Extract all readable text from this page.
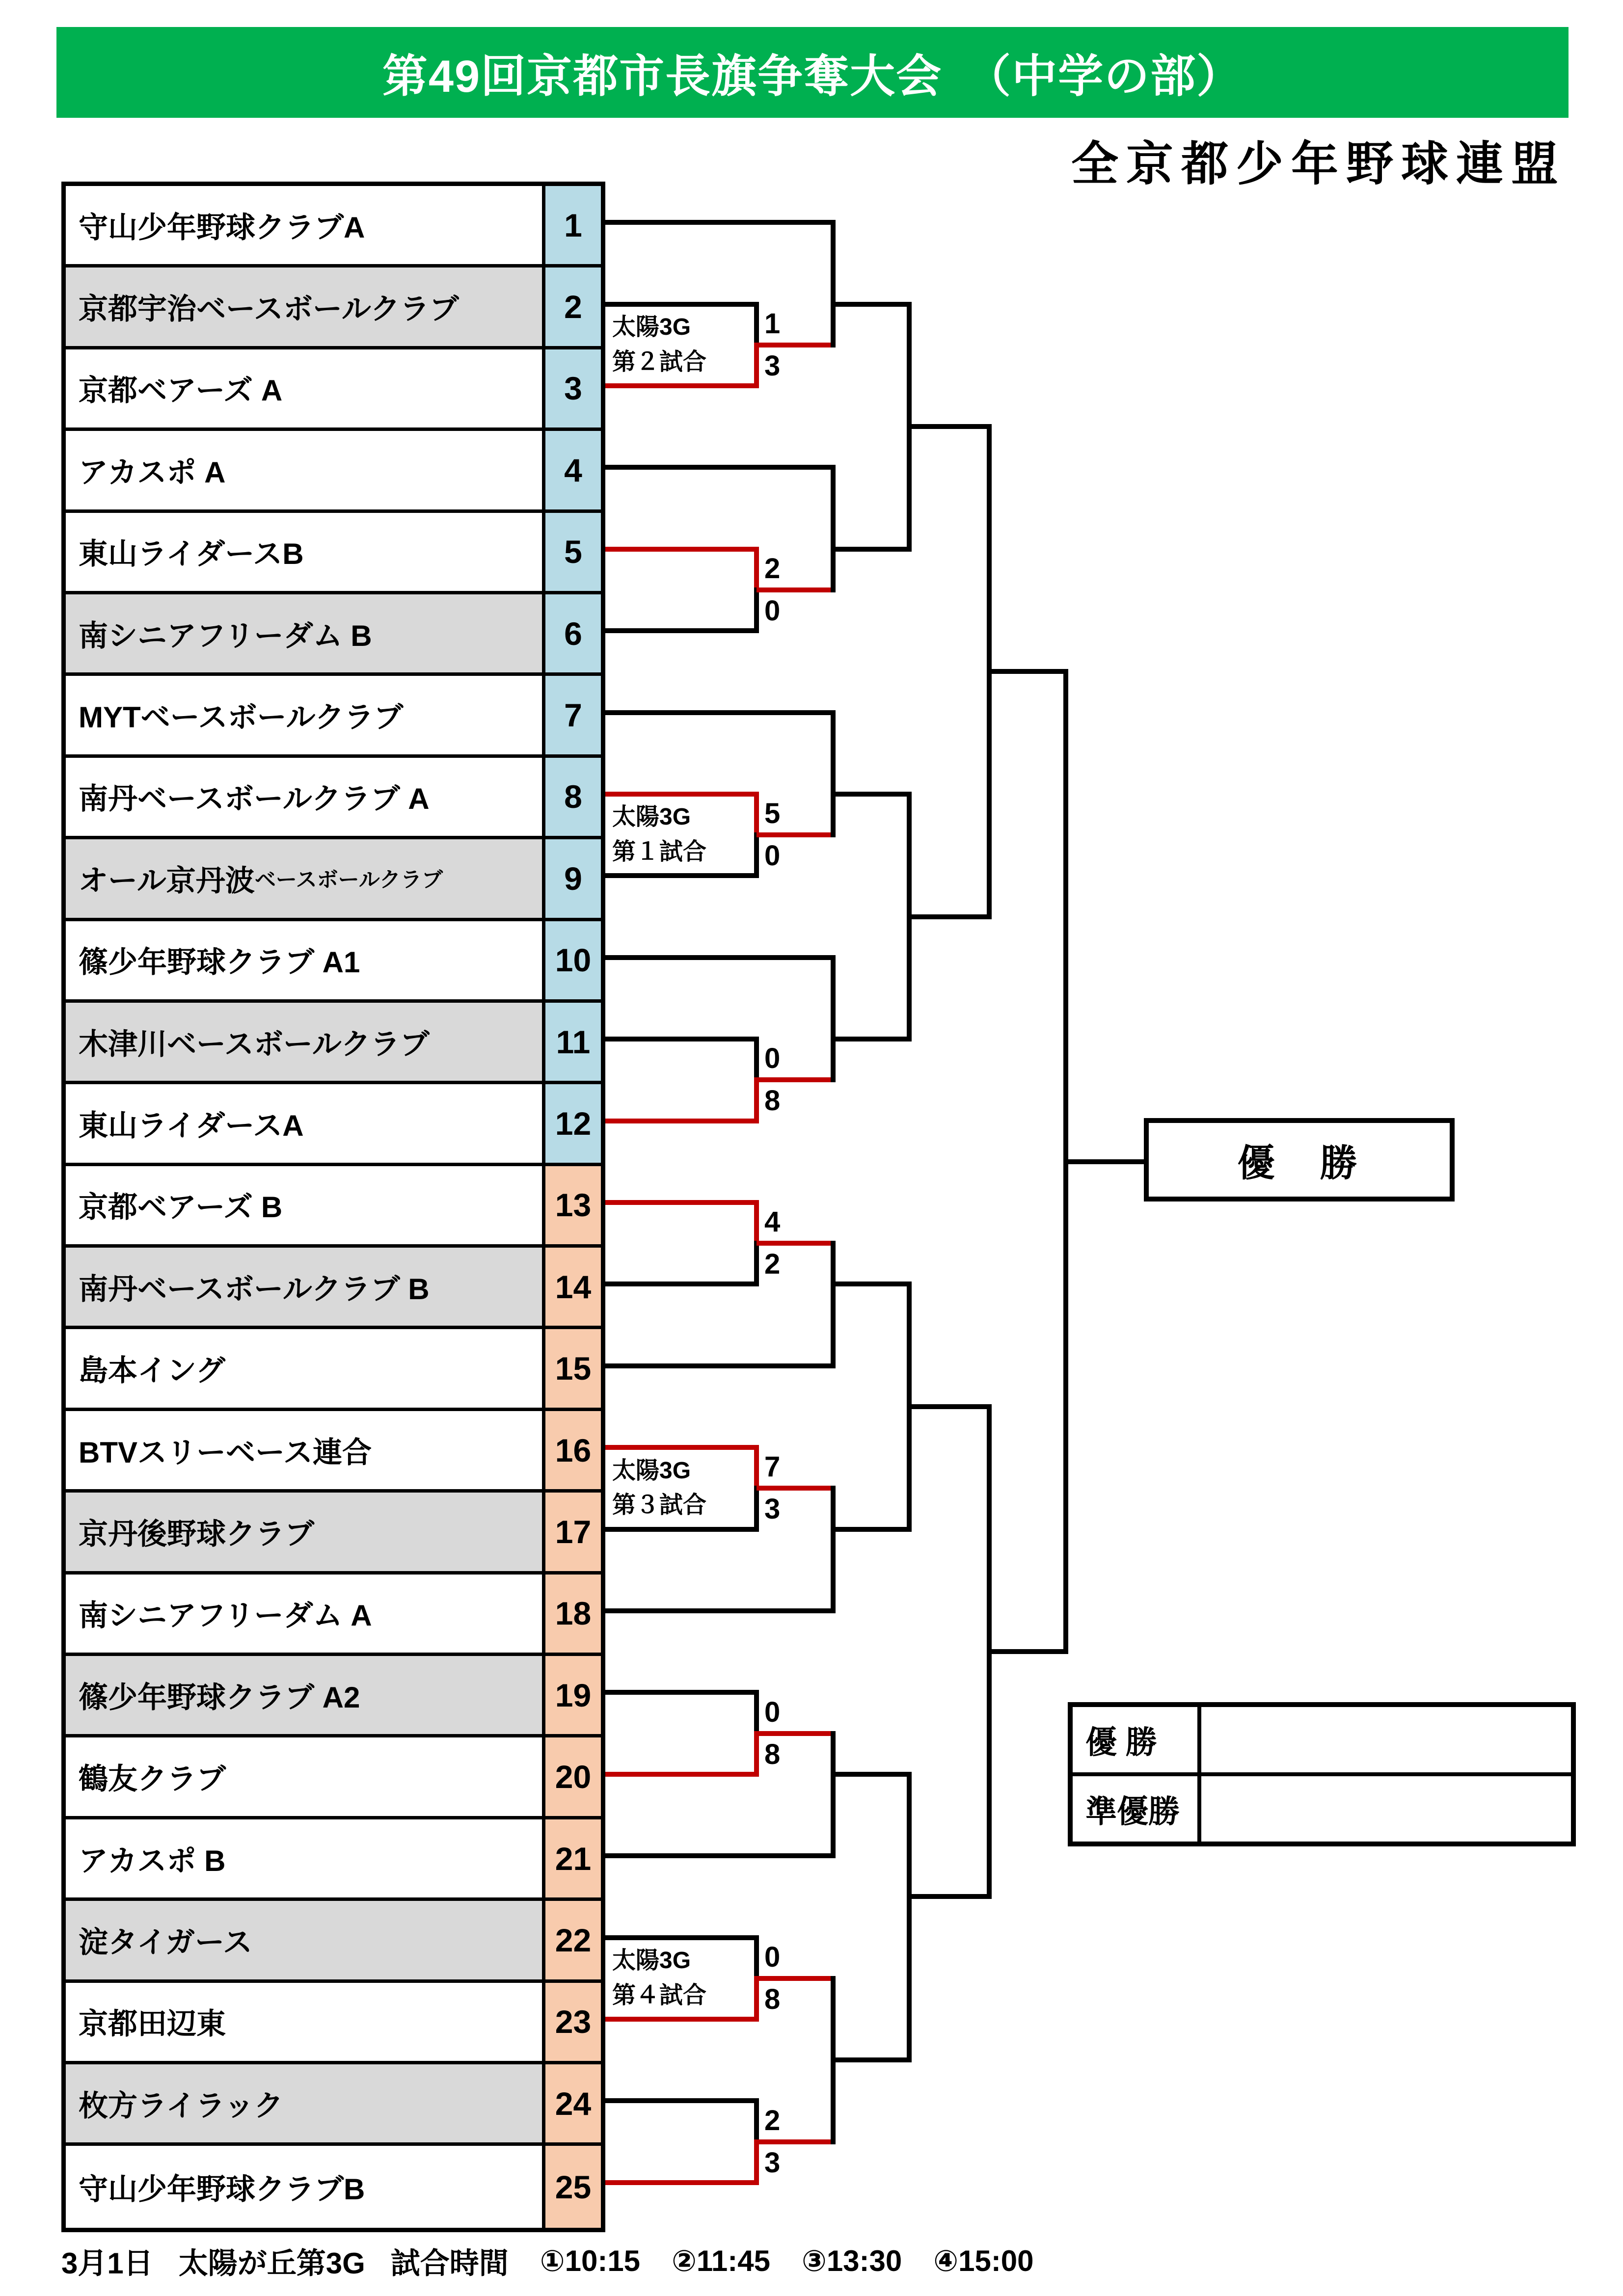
第49回京都市長旗争奪大会　（中学の部）
全京都少年野球連盟
守山少年野球クラブA	1
京都宇治ベースボールクラブ	2
京都ベアーズ A	3
アカスポ A	4
東山ライダースB	5
南シニアフリーダム B	6
MYTベースボールクラブ	7
南丹ベースボールクラブ A	8
オール京丹波 ベースボールクラブ	9
篠少年野球クラブ A1	10
木津川ベースボールクラブ	11
東山ライダースA	12
京都ベアーズ B	13
南丹ベースボールクラブ B	14
島本イング	15
BTVスリーベース連合	16
京丹後野球クラブ	17
南シニアフリーダム A	18
篠少年野球クラブ A2	19
鶴友クラブ	20
アカスポ B	21
淀タイガース	22
京都田辺東	23
枚方ライラック	24
守山少年野球クラブB	25
太陽3G
第２試合
太陽3G
第１試合
太陽3G
第３試合
太陽3G
第４試合
1
3
2
0
5
0
0
8
4
2
7
3
0
8
0
8
2
3
優　勝
優 勝
準優勝
3月1日 太陽が丘第3G 試合時間 ①10:15 ②11:45 ③13:30 ④15:00
